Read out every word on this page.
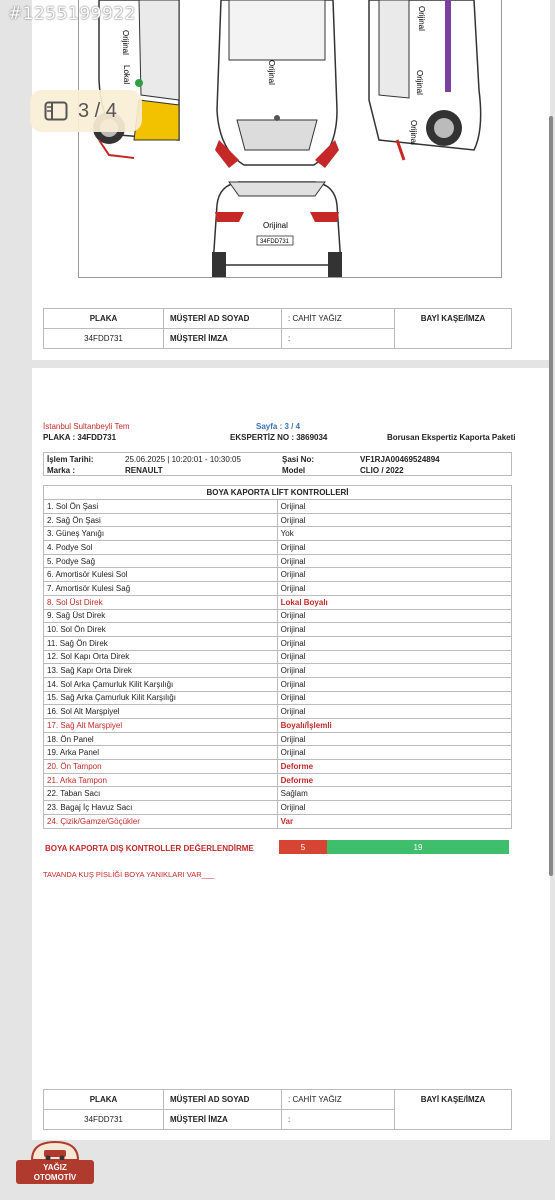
#1255199922
Orijinal
Lokal	Orijinal
Orijinal
Orijinal
Orijinal
Orijinal
34FDD731
3 / 4
PLAKA	MÜŞTERİ AD SOYAD	: CAHİT YAĞIZ	BAYİ KAŞE/İMZA
34FDD731	MÜŞTERİ İMZA	:	
İstanbul Sultanbeyli Tem	Sayfa : 3 / 4
PLAKA : 34FDD731	EKSPERTİZ NO : 3869034	Borusan Ekspertiz Kaporta Paketi
İşlem Tarihi:	25.06.2025 | 10:20:01 - 10:30:05
Marka :	RENAULT
Şasi No:	VF1RJA00469524894
Model	CLIO / 2022
BOYA KAPORTA LİFT KONTROLLERİ	
1. Sol Ön Şasi	Orijinal
2. Sağ Ön Şasi	Orijinal
3. Güneş Yanığı	Yok
4. Podye Sol	Orijinal
5. Podye Sağ	Orijinal
6. Amortisör Kulesi Sol	Orijinal
7. Amortisör Kulesi Sağ	Orijinal
8. Sol Üst Direk	Lokal Boyalı
9. Sağ Üst Direk	Orijinal
10. Sol Ön Direk	Orijinal
11. Sağ Ön Direk	Orijinal
12. Sol Kapı Orta Direk	Orijinal
13. Sağ Kapı Orta Direk	Orijinal
14. Sol Arka Çamurluk Kilit Karşılığı	Orijinal
15. Sağ Arka Çamurluk Kilit Karşılığı	Orijinal
16. Sol Alt Marşpiyel	Orijinal
17. Sağ Alt Marşpiyel	Boyalı/İşlemli
18. Ön Panel	Orijinal
19. Arka Panel	Orijinal
20. Ön Tampon	Deforme
21. Arka Tampon	Deforme
22. Taban Sacı	Sağlam
23. Bagaj İç Havuz Sacı	Orijinal
24. Çizik/Gamze/Göçükler	Var
BOYA KAPORTA DIŞ KONTROLLER DEĞERLENDİRME	5	19
TAVANDA KUŞ PİSLİĞİ BOYA YANIKLARI VAR___
PLAKA	MÜŞTERİ AD SOYAD	: CAHİT YAĞIZ	BAYİ KAŞE/İMZA
34FDD731	MÜŞTERİ İMZA	:	
YAĞIZ
OTOMOTİV
